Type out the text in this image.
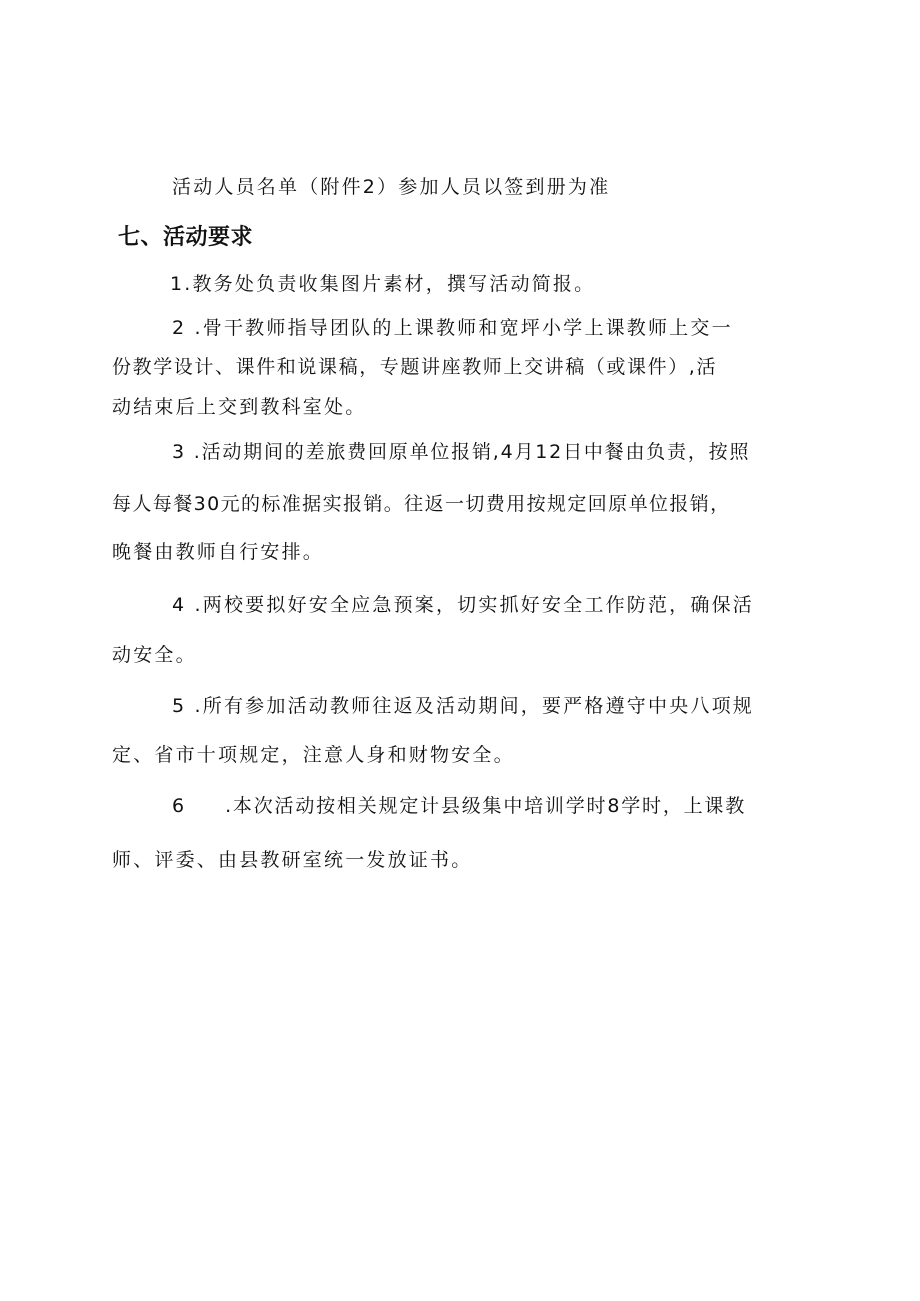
活动人员名单（附件2）参加人员以签到册为准
七、活动要求
1.教务处负责收集图片素材，撰写活动简报。
2 .骨干教师指导团队的上课教师和宽坪小学上课教师上交一
份教学设计、课件和说课稿，专题讲座教师上交讲稿（或课件）,活
动结束后上交到教科室处。
3 .活动期间的差旅费回原单位报销,4月12日中餐由负责，按照
每人每餐30元的标准据实报销。往返一切费用按规定回原单位报销，
晚餐由教师自行安排。
4 .两校要拟好安全应急预案，切实抓好安全工作防范，确保活
动安全。
5 .所有参加活动教师往返及活动期间，要严格遵守中央八项规
定、省市十项规定，注意人身和财物安全。
6     .本次活动按相关规定计县级集中培训学时8学时，上课教
师、评委、由县教研室统一发放证书。
